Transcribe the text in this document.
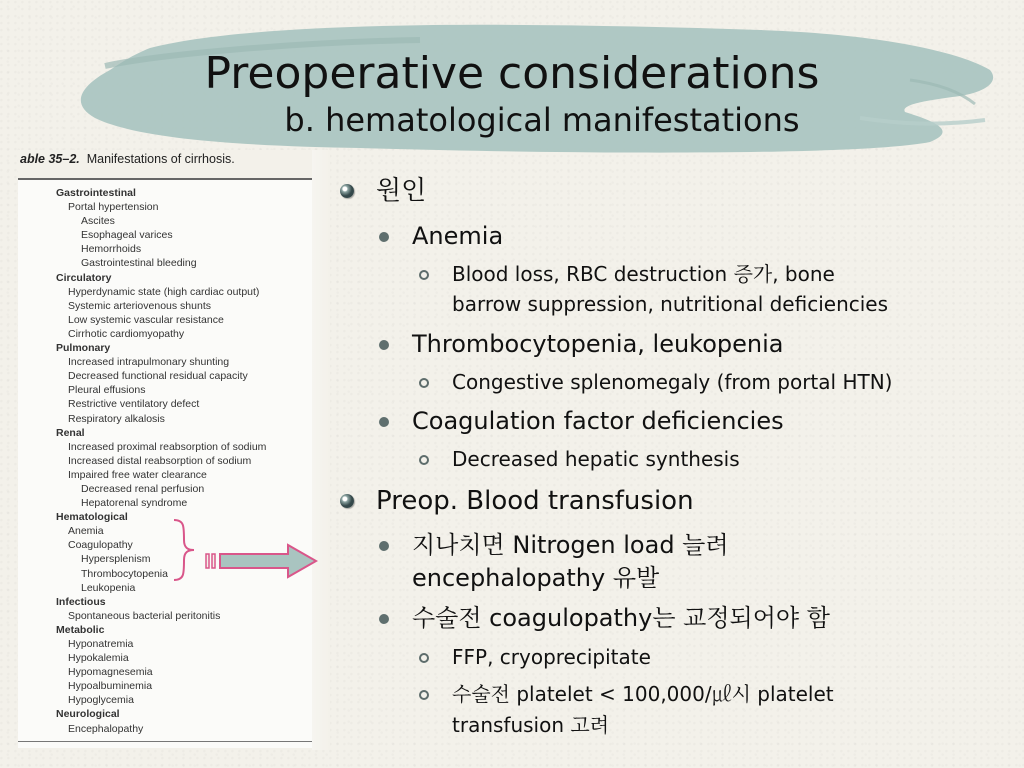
Preoperative considerations
b. hematological manifestations
able 35–2. Manifestations of cirrhosis.
Gastrointestinal
Portal hypertension
Ascites
Esophageal varices
Hemorrhoids
Gastrointestinal bleeding
Circulatory
Hyperdynamic state (high cardiac output)
Systemic arteriovenous shunts
Low systemic vascular resistance
Cirrhotic cardiomyopathy
Pulmonary
Increased intrapulmonary shunting
Decreased functional residual capacity
Pleural effusions
Restrictive ventilatory defect
Respiratory alkalosis
Renal
Increased proximal reabsorption of sodium
Increased distal reabsorption of sodium
Impaired free water clearance
Decreased renal perfusion
Hepatorenal syndrome
Hematological
Anemia
Coagulopathy
Hypersplenism
Thrombocytopenia
Leukopenia
Infectious
Spontaneous bacterial peritonitis
Metabolic
Hyponatremia
Hypokalemia
Hypomagnesemia
Hypoalbuminemia
Hypoglycemia
Neurological
Encephalopathy
원인
Anemia
Blood loss, RBC destruction 증가, bone
barrow suppression, nutritional deficiencies
Thrombocytopenia, leukopenia
Congestive splenomegaly (from portal HTN)
Coagulation factor deficiencies
Decreased hepatic synthesis
Preop. Blood transfusion
지나치면 Nitrogen load 늘려
encephalopathy 유발
수술전 coagulopathy는 교정되어야 함
FFP, cryoprecipitate
수술전 platelet < 100,000/㎕시 platelet
transfusion 고려
